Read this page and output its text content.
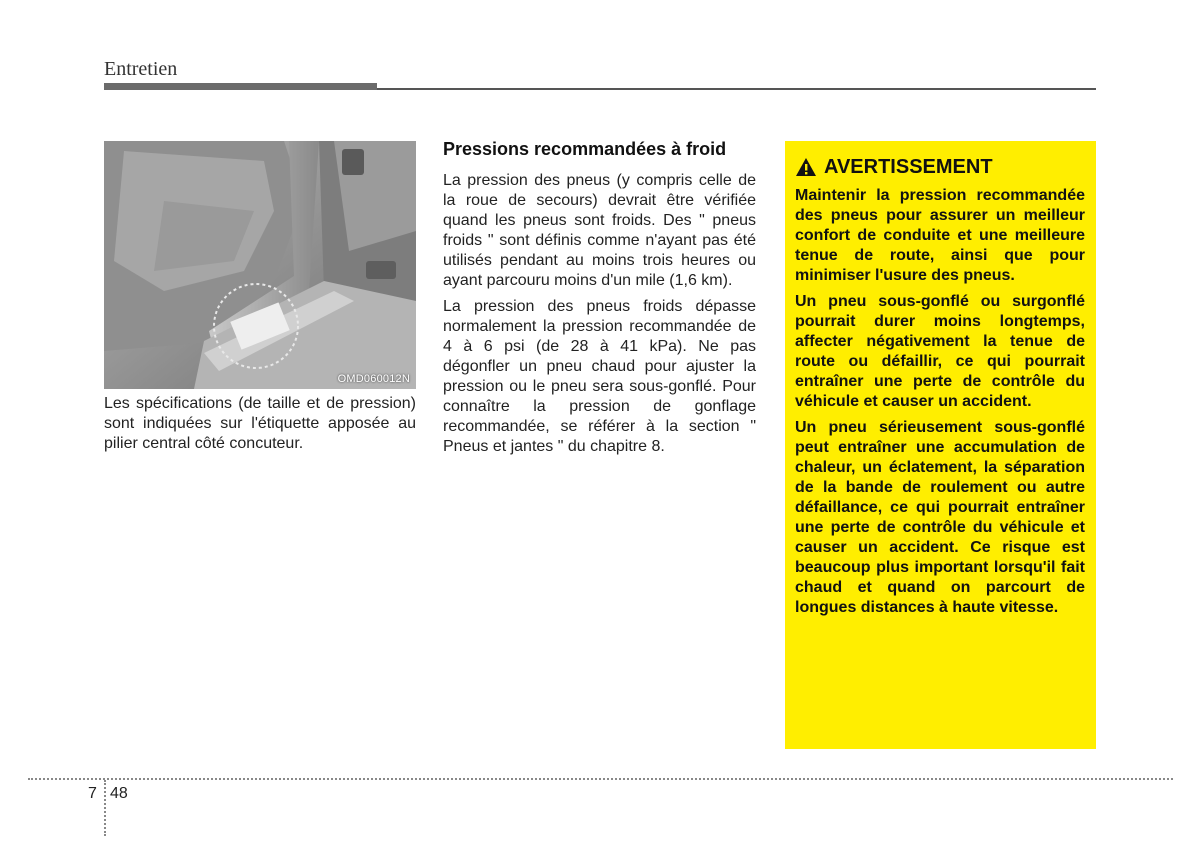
Entretien
OMD060012N
Les spécifications (de taille et de pression) sont indiquées sur l'étiquette apposée au pilier central côté concuteur.
Pressions recommandées à froid

La pression des pneus (y compris celle de la roue de secours) devrait être vérifiée quand les pneus sont froids. Des " pneus froids " sont définis comme n'ayant pas été utilisés pendant au moins trois heures ou ayant parcouru moins d'un mile (1,6 km).

La pression des pneus froids dépasse normalement la pression recommandée de 4 à 6 psi (de 28 à 41 kPa). Ne pas dégonfler un pneu chaud pour ajuster la pression ou le pneu sera sous-gonflé. Pour connaître la pression de gonflage recommandée, se référer à la section " Pneus et jantes " du chapitre 8.

AVERTISSEMENT

Maintenir la pression recommandée des pneus pour assurer un meilleur confort de conduite et une meilleure tenue de route, ainsi que pour minimiser l'usure des pneus.

Un pneu sous-gonflé ou surgonflé pourrait durer moins longtemps, affecter négativement la tenue de route ou défaillir, ce qui pourrait entraîner une perte de contrôle du véhicule et causer un accident.

Un pneu sérieusement sous-gonflé peut entraîner une accumulation de chaleur, un éclatement, la séparation de la bande de roulement ou autre défaillance, ce qui pourrait entraîner une perte de contrôle du véhicule et causer un accident. Ce risque est beaucoup plus important lorsqu'il fait chaud et quand on parcourt de longues distances à haute vitesse.

7 48
